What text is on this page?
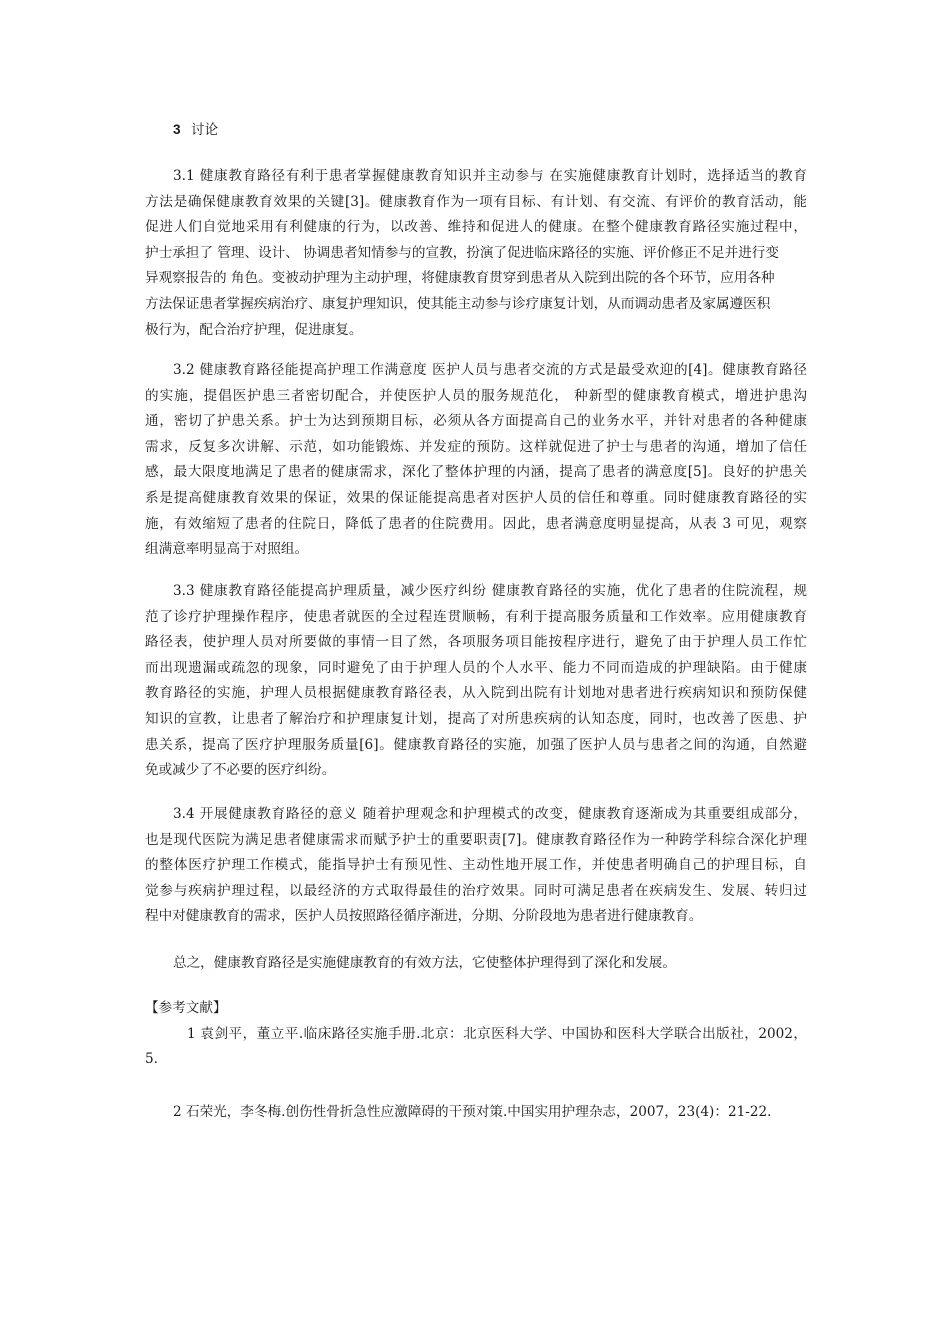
3 讨论
3.1 健康教育路径有利于患者掌握健康教育知识并主动参与 在实施健康教育计划时，选择适当的教育
方法是确保健康教育效果的关键[3]。健康教育作为一项有目标、有计划、有交流、有评价的教育活动，能
促进人们自觉地采用有利健康的行为，以改善、维持和促进人的健康。在整个健康教育路径实施过程中，
护士承担了 管理、设计、 协调患者知情参与的宣教，扮演了促进临床路径的实施、评价修正不足并进行变
异观察报告的 角色。变被动护理为主动护理，将健康教育贯穿到患者从入院到出院的各个环节，应用各种
方法保证患者掌握疾病治疗、康复护理知识，使其能主动参与诊疗康复计划，从而调动患者及家属遵医积
极行为，配合治疗护理，促进康复。
3.2 健康教育路径能提高护理工作满意度 医护人员与患者交流的方式是最受欢迎的[4]。健康教育路径
的实施，提倡医护患三者密切配合，并使医护人员的服务规范化， 种新型的健康教育模式，增进护患沟
通，密切了护患关系。护士为达到预期目标，必须从各方面提高自己的业务水平，并针对患者的各种健康
需求，反复多次讲解、示范，如功能锻炼、并发症的预防。这样就促进了护士与患者的沟通，增加了信任
感，最大限度地满足了患者的健康需求，深化了整体护理的内涵，提高了患者的满意度[5]。良好的护患关
系是提高健康教育效果的保证，效果的保证能提高患者对医护人员的信任和尊重。同时健康教育路径的实
施，有效缩短了患者的住院日，降低了患者的住院费用。因此，患者满意度明显提高，从表 3 可见，观察
组满意率明显高于对照组。
3.3 健康教育路径能提高护理质量，减少医疗纠纷 健康教育路径的实施，优化了患者的住院流程，规
范了诊疗护理操作程序，使患者就医的全过程连贯顺畅，有利于提高服务质量和工作效率。应用健康教育
路径表，使护理人员对所要做的事情一目了然，各项服务项目能按程序进行，避免了由于护理人员工作忙
而出现遗漏或疏忽的现象，同时避免了由于护理人员的个人水平、能力不同而造成的护理缺陷。由于健康
教育路径的实施，护理人员根据健康教育路径表，从入院到出院有计划地对患者进行疾病知识和预防保健
知识的宣教，让患者了解治疗和护理康复计划，提高了对所患疾病的认知态度，同时，也改善了医患、护
患关系，提高了医疗护理服务质量[6]。健康教育路径的实施，加强了医护人员与患者之间的沟通，自然避
免或减少了不必要的医疗纠纷。
3.4 开展健康教育路径的意义 随着护理观念和护理模式的改变，健康教育逐渐成为其重要组成部分，
也是现代医院为满足患者健康需求而赋予护士的重要职责[7]。健康教育路径作为一种跨学科综合深化护理
的整体医疗护理工作模式，能指导护士有预见性、主动性地开展工作，并使患者明确自己的护理目标，自
觉参与疾病护理过程，以最经济的方式取得最佳的治疗效果。同时可满足患者在疾病发生、发展、转归过
程中对健康教育的需求，医护人员按照路径循序渐进，分期、分阶段地为患者进行健康教育。
总之，健康教育路径是实施健康教育的有效方法，它使整体护理得到了深化和发展。
【参考文献】
1 袁剑平，董立平.临床路径实施手册.北京：北京医科大学、中国协和医科大学联合出版社，2002，
5.
2 石荣光，李冬梅.创伤性骨折急性应激障碍的干预对策.中国实用护理杂志，2007，23(4)：21-22.
